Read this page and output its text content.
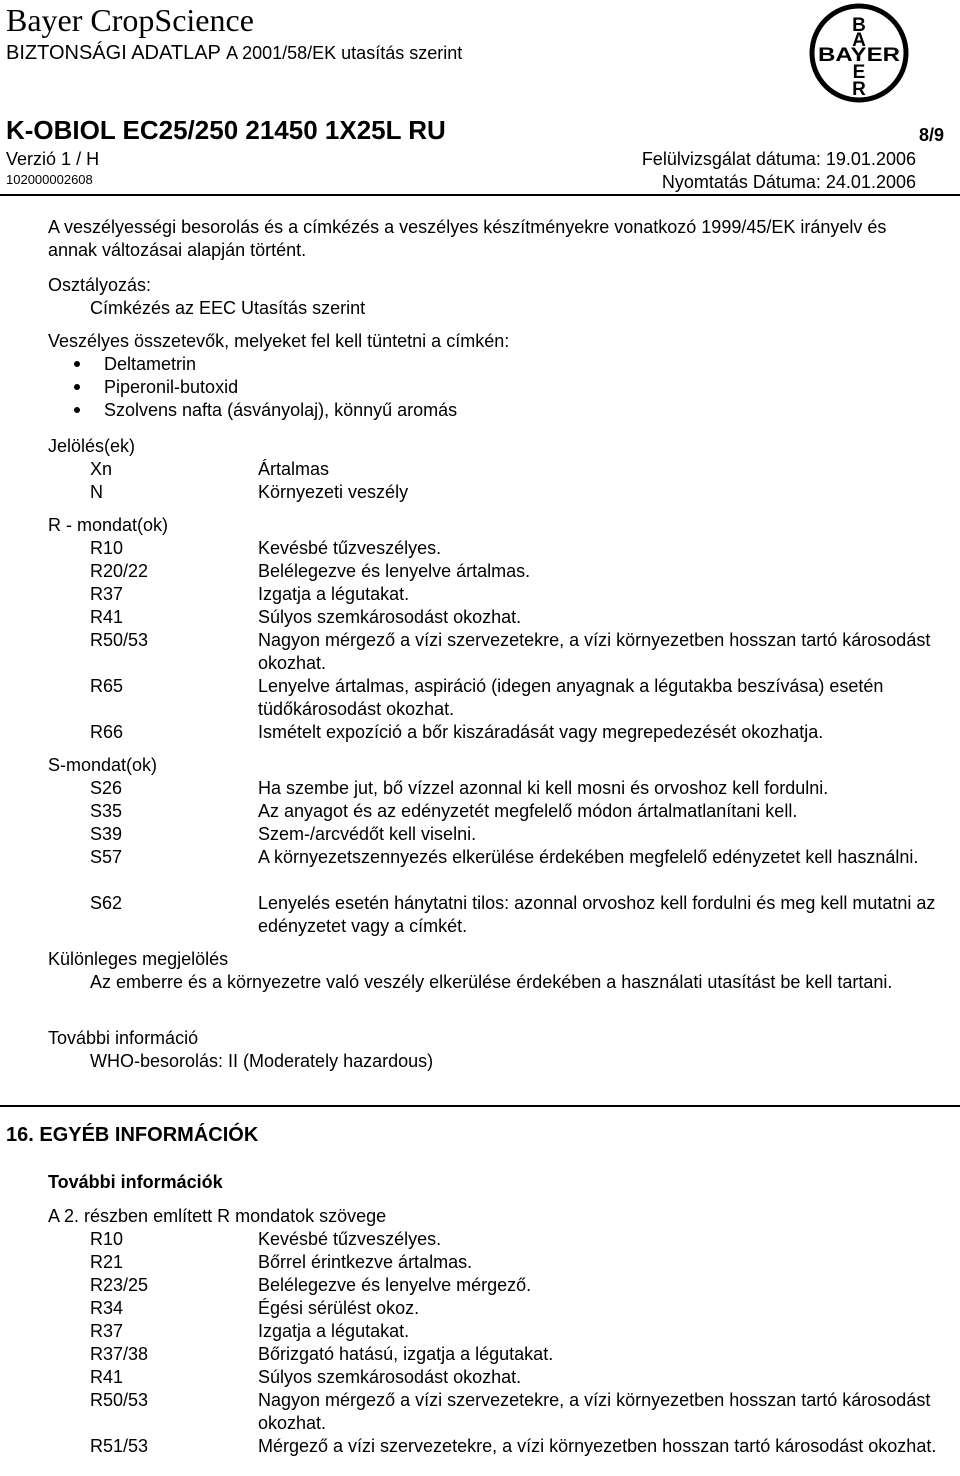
Bayer CropScience
BIZTONSÁGI ADATLAP A 2001/58/EK utasítás szerint
B
A
BAYER
E
R
K-OBIOL EC25/250 21450 1X25L RU	8/9
Verzió 1 / H	Felülvizsgálat dátuma: 19.01.2006
102000002608	Nyomtatás Dátuma: 24.01.2006
A veszélyességi besorolás és a címkézés a veszélyes készítményekre vonatkozó 1999/45/EK irányelv és annak változásai alapján történt.
Osztályozás:
Címkézés az EEC Utasítás szerint
Veszélyes összetevők, melyeket fel kell tüntetni a címkén:
Deltametrin
Piperonil-butoxid
Szolvens nafta (ásványolaj), könnyű aromás
Jelölés(ek)
Xn	Ártalmas
N	Környezeti veszély
R - mondat(ok)
R10	Kevésbé tűzveszélyes.
R20/22	Belélegezve és lenyelve ártalmas.
R37	Izgatja a légutakat.
R41	Súlyos szemkárosodást okozhat.
R50/53	Nagyon mérgező a vízi szervezetekre, a vízi környezetben hosszan tartó károsodást okozhat.
R65	Lenyelve ártalmas, aspiráció (idegen anyagnak a légutakba beszívása) esetén tüdőkárosodást okozhat.
R66	Ismételt expozíció a bőr kiszáradását vagy megrepedezését okozhatja.
S-mondat(ok)
S26	Ha szembe jut, bő vízzel azonnal ki kell mosni és orvoshoz kell fordulni.
S35	Az anyagot és az edényzetét megfelelő módon ártalmatlanítani kell.
S39	Szem-/arcvédőt kell viselni.
S57	A környezetszennyezés elkerülése érdekében megfelelő edényzetet kell használni.
S62	Lenyelés esetén hánytatni tilos: azonnal orvoshoz kell fordulni és meg kell mutatni az edényzetet vagy a címkét.
Különleges megjelölés
Az emberre és a környezetre való veszély elkerülése érdekében a használati utasítást be kell tartani.
További információ
WHO-besorolás: II (Moderately hazardous)
16. EGYÉB INFORMÁCIÓK
További információk
A 2. részben említett R mondatok szövege
R10	Kevésbé tűzveszélyes.
R21	Bőrrel érintkezve ártalmas.
R23/25	Belélegezve és lenyelve mérgező.
R34	Égési sérülést okoz.
R37	Izgatja a légutakat.
R37/38	Bőrizgató hatású, izgatja a légutakat.
R41	Súlyos szemkárosodást okozhat.
R50/53	Nagyon mérgező a vízi szervezetekre, a vízi környezetben hosszan tartó károsodást okozhat.
R51/53	Mérgező a vízi szervezetekre, a vízi környezetben hosszan tartó károsodást okozhat.
